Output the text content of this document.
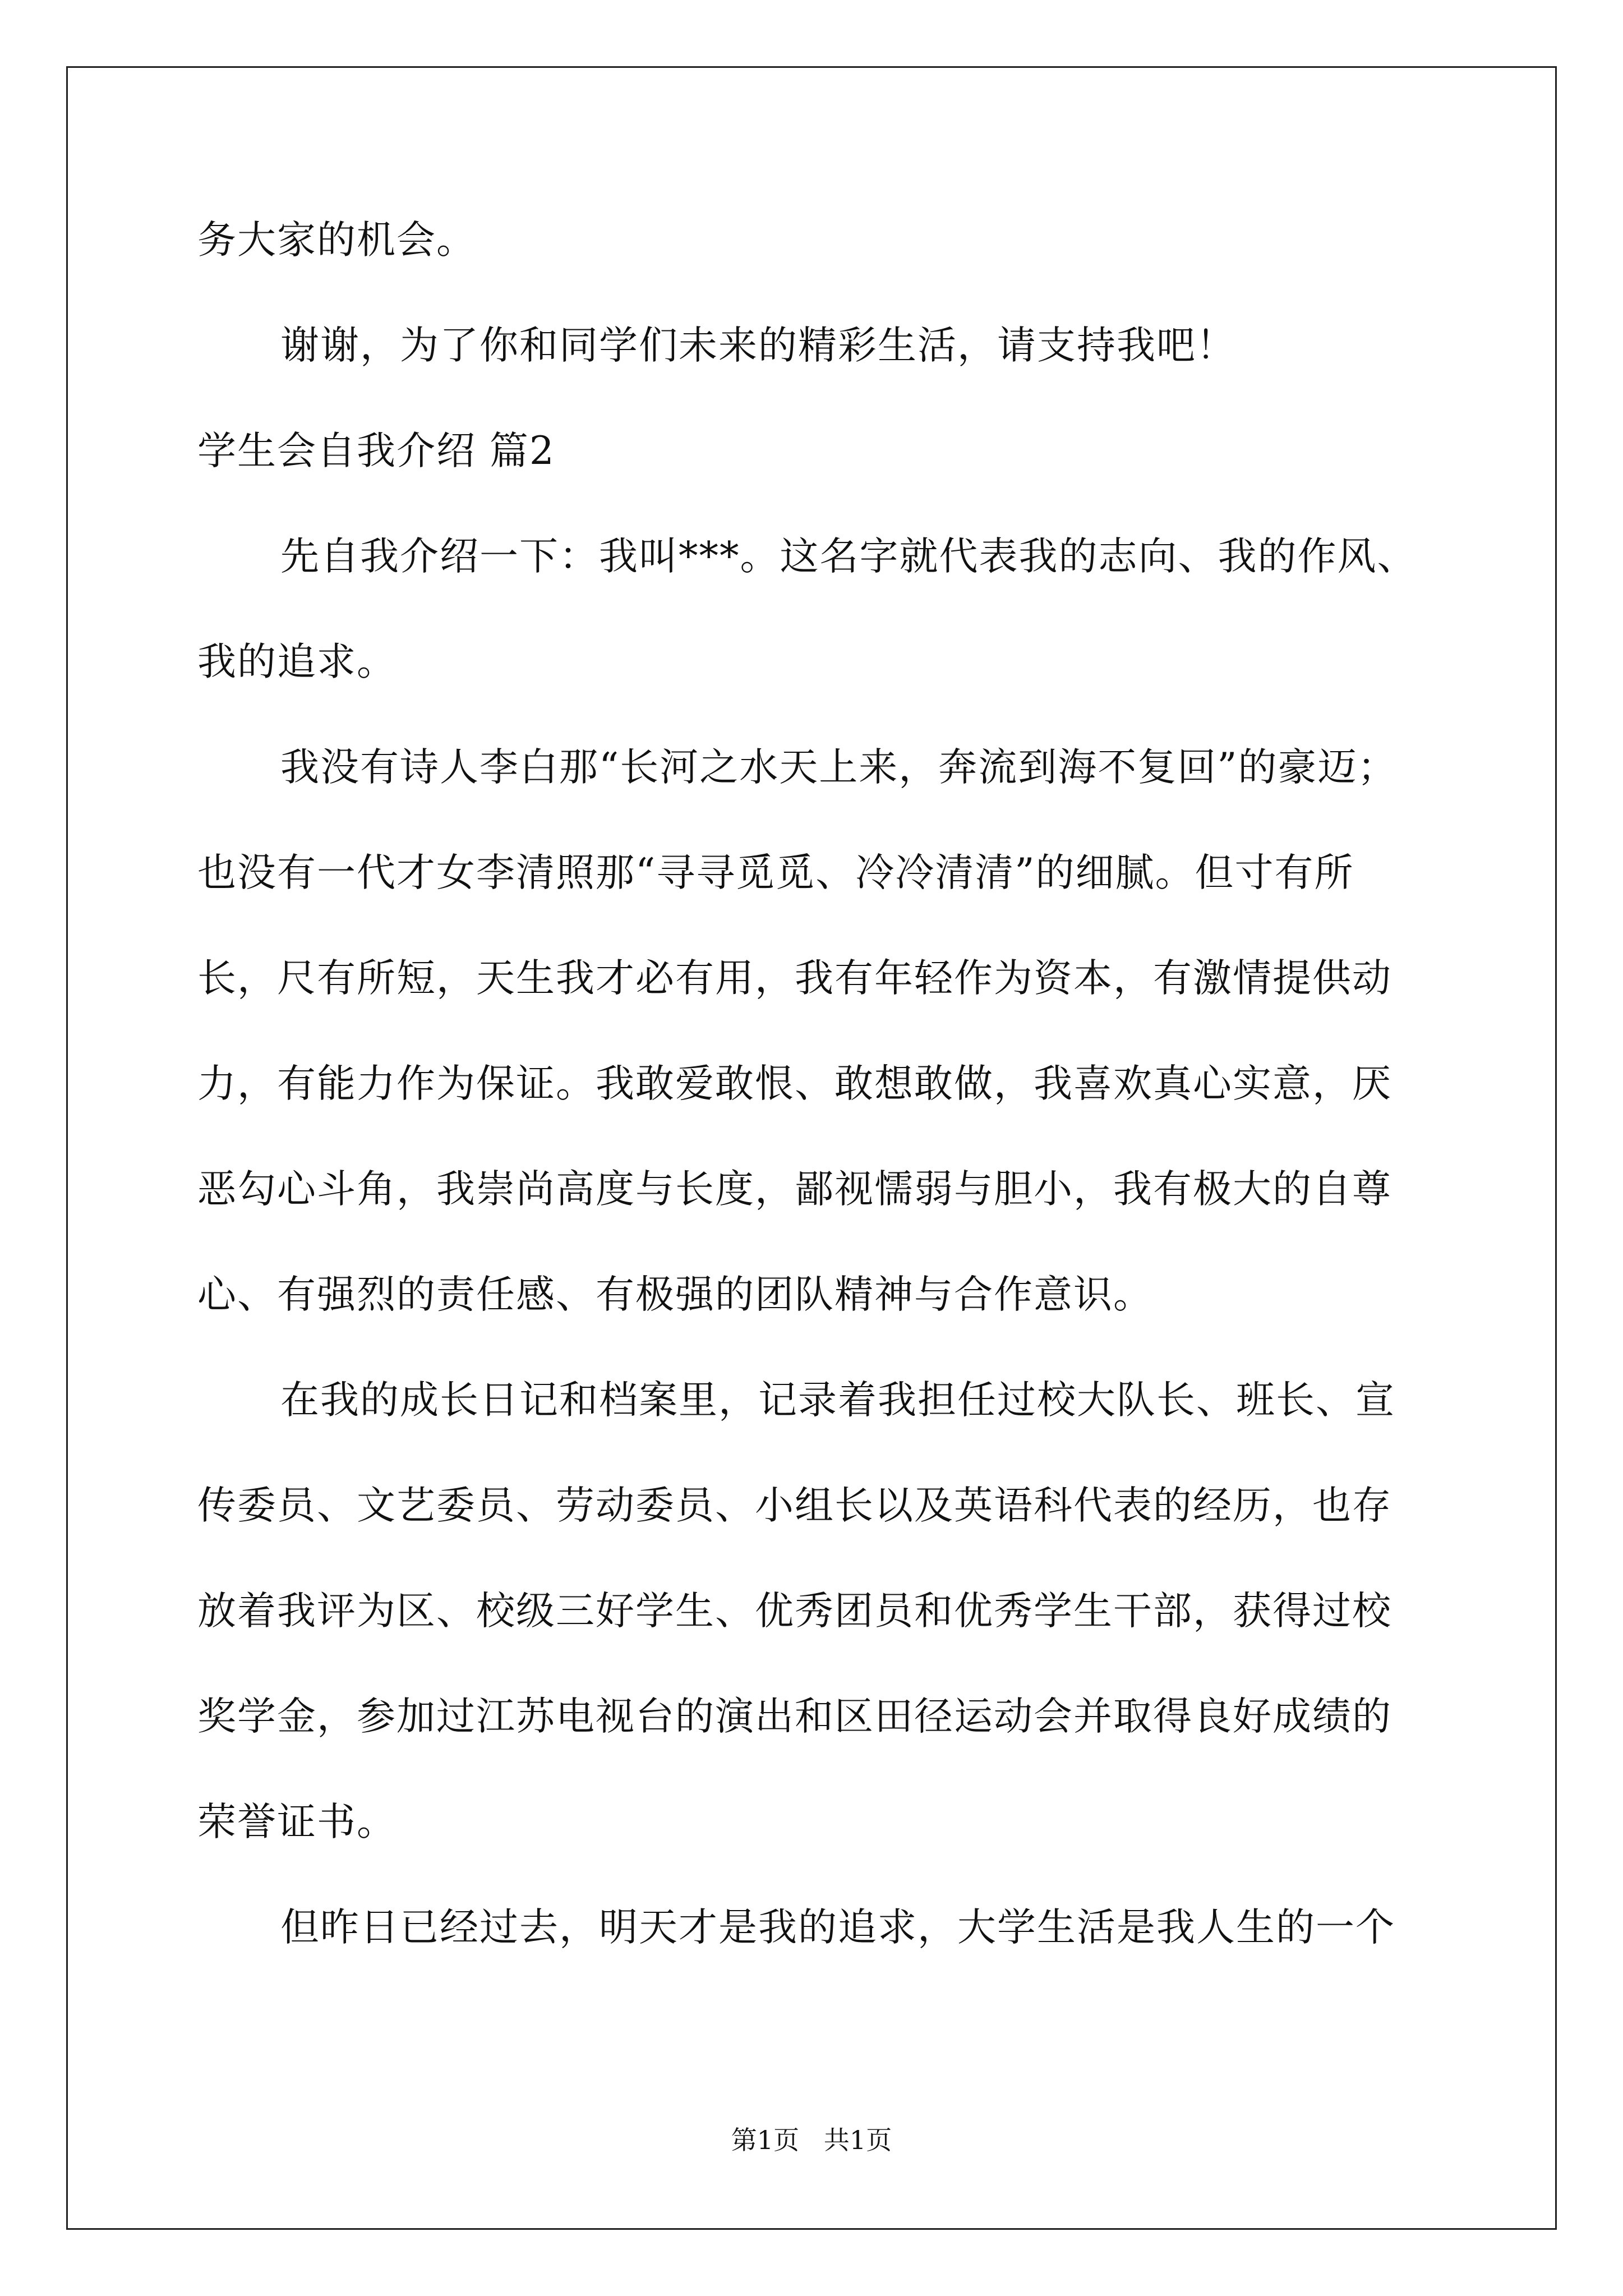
务大家的机会。
谢谢，为了你和同学们未来的精彩生活，请支持我吧！
学生会自我介绍 篇2
先自我介绍一下：我叫***。这名字就代表我的志向、我的作风、
我的追求。
我没有诗人李白那“长河之水天上来，奔流到海不复回”的豪迈；
也没有一代才女李清照那“寻寻觅觅、冷冷清清”的细腻。但寸有所
长，尺有所短，天生我才必有用，我有年轻作为资本，有激情提供动
力，有能力作为保证。我敢爱敢恨、敢想敢做，我喜欢真心实意，厌
恶勾心斗角，我崇尚高度与长度，鄙视懦弱与胆小，我有极大的自尊
心、有强烈的责任感、有极强的团队精神与合作意识。
在我的成长日记和档案里，记录着我担任过校大队长、班长、宣
传委员、文艺委员、劳动委员、小组长以及英语科代表的经历，也存
放着我评为区、校级三好学生、优秀团员和优秀学生干部，获得过校
奖学金，参加过江苏电视台的演出和区田径运动会并取得良好成绩的
荣誉证书。
但昨日已经过去，明天才是我的追求，大学生活是我人生的一个
第1页   共1页
